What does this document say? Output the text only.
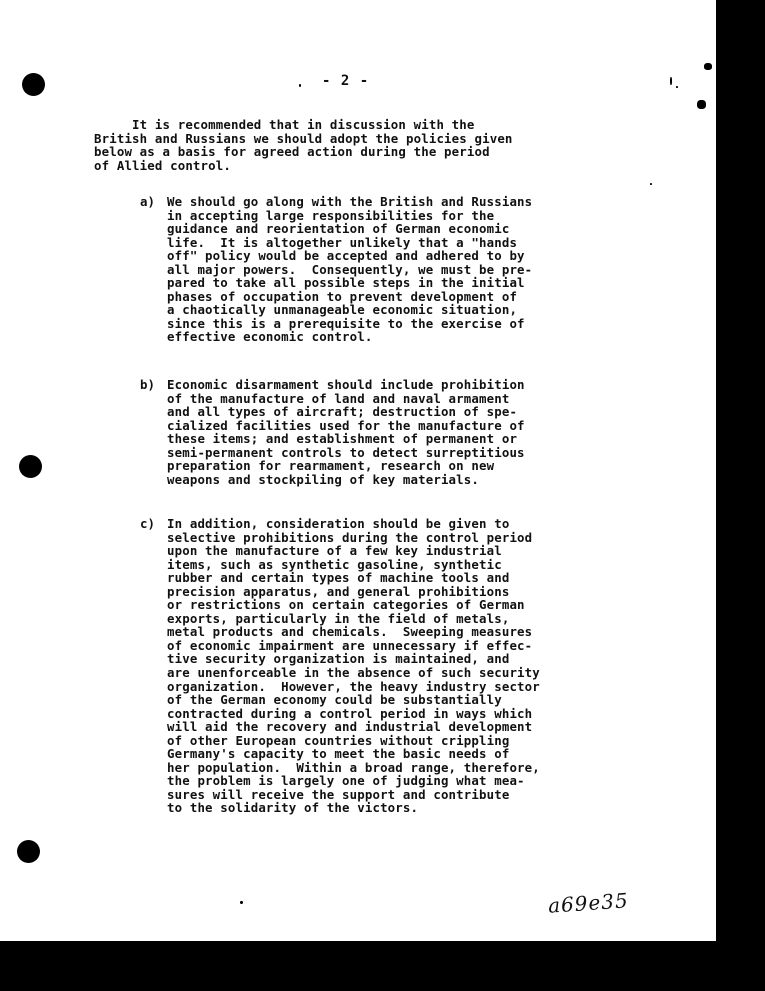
- 2 -
It is recommended that in discussion with the
British and Russians we should adopt the policies given
below as a basis for agreed action during the period
of Allied control.
a) We should go along with the British and Russians
in accepting large responsibilities for the
guidance and reorientation of German economic
life.  It is altogether unlikely that a "hands
off" policy would be accepted and adhered to by
all major powers.  Consequently, we must be pre-
pared to take all possible steps in the initial
phases of occupation to prevent development of
a chaotically unmanageable economic situation,
since this is a prerequisite to the exercise of
effective economic control.
b) Economic disarmament should include prohibition
of the manufacture of land and naval armament
and all types of aircraft; destruction of spe-
cialized facilities used for the manufacture of
these items; and establishment of permanent or
semi-permanent controls to detect surreptitious
preparation for rearmament, research on new
weapons and stockpiling of key materials.
c) In addition, consideration should be given to
selective prohibitions during the control period
upon the manufacture of a few key industrial
items, such as synthetic gasoline, synthetic
rubber and certain types of machine tools and
precision apparatus, and general prohibitions
or restrictions on certain categories of German
exports, particularly in the field of metals,
metal products and chemicals.  Sweeping measures
of economic impairment are unnecessary if effec-
tive security organization is maintained, and
are unenforceable in the absence of such security
organization.  However, the heavy industry sector
of the German economy could be substantially
contracted during a control period in ways which
will aid the recovery and industrial development
of other European countries without crippling
Germany's capacity to meet the basic needs of
her population.  Within a broad range, therefore,
the problem is largely one of judging what mea-
sures will receive the support and contribute
to the solidarity of the victors.
a69e35
